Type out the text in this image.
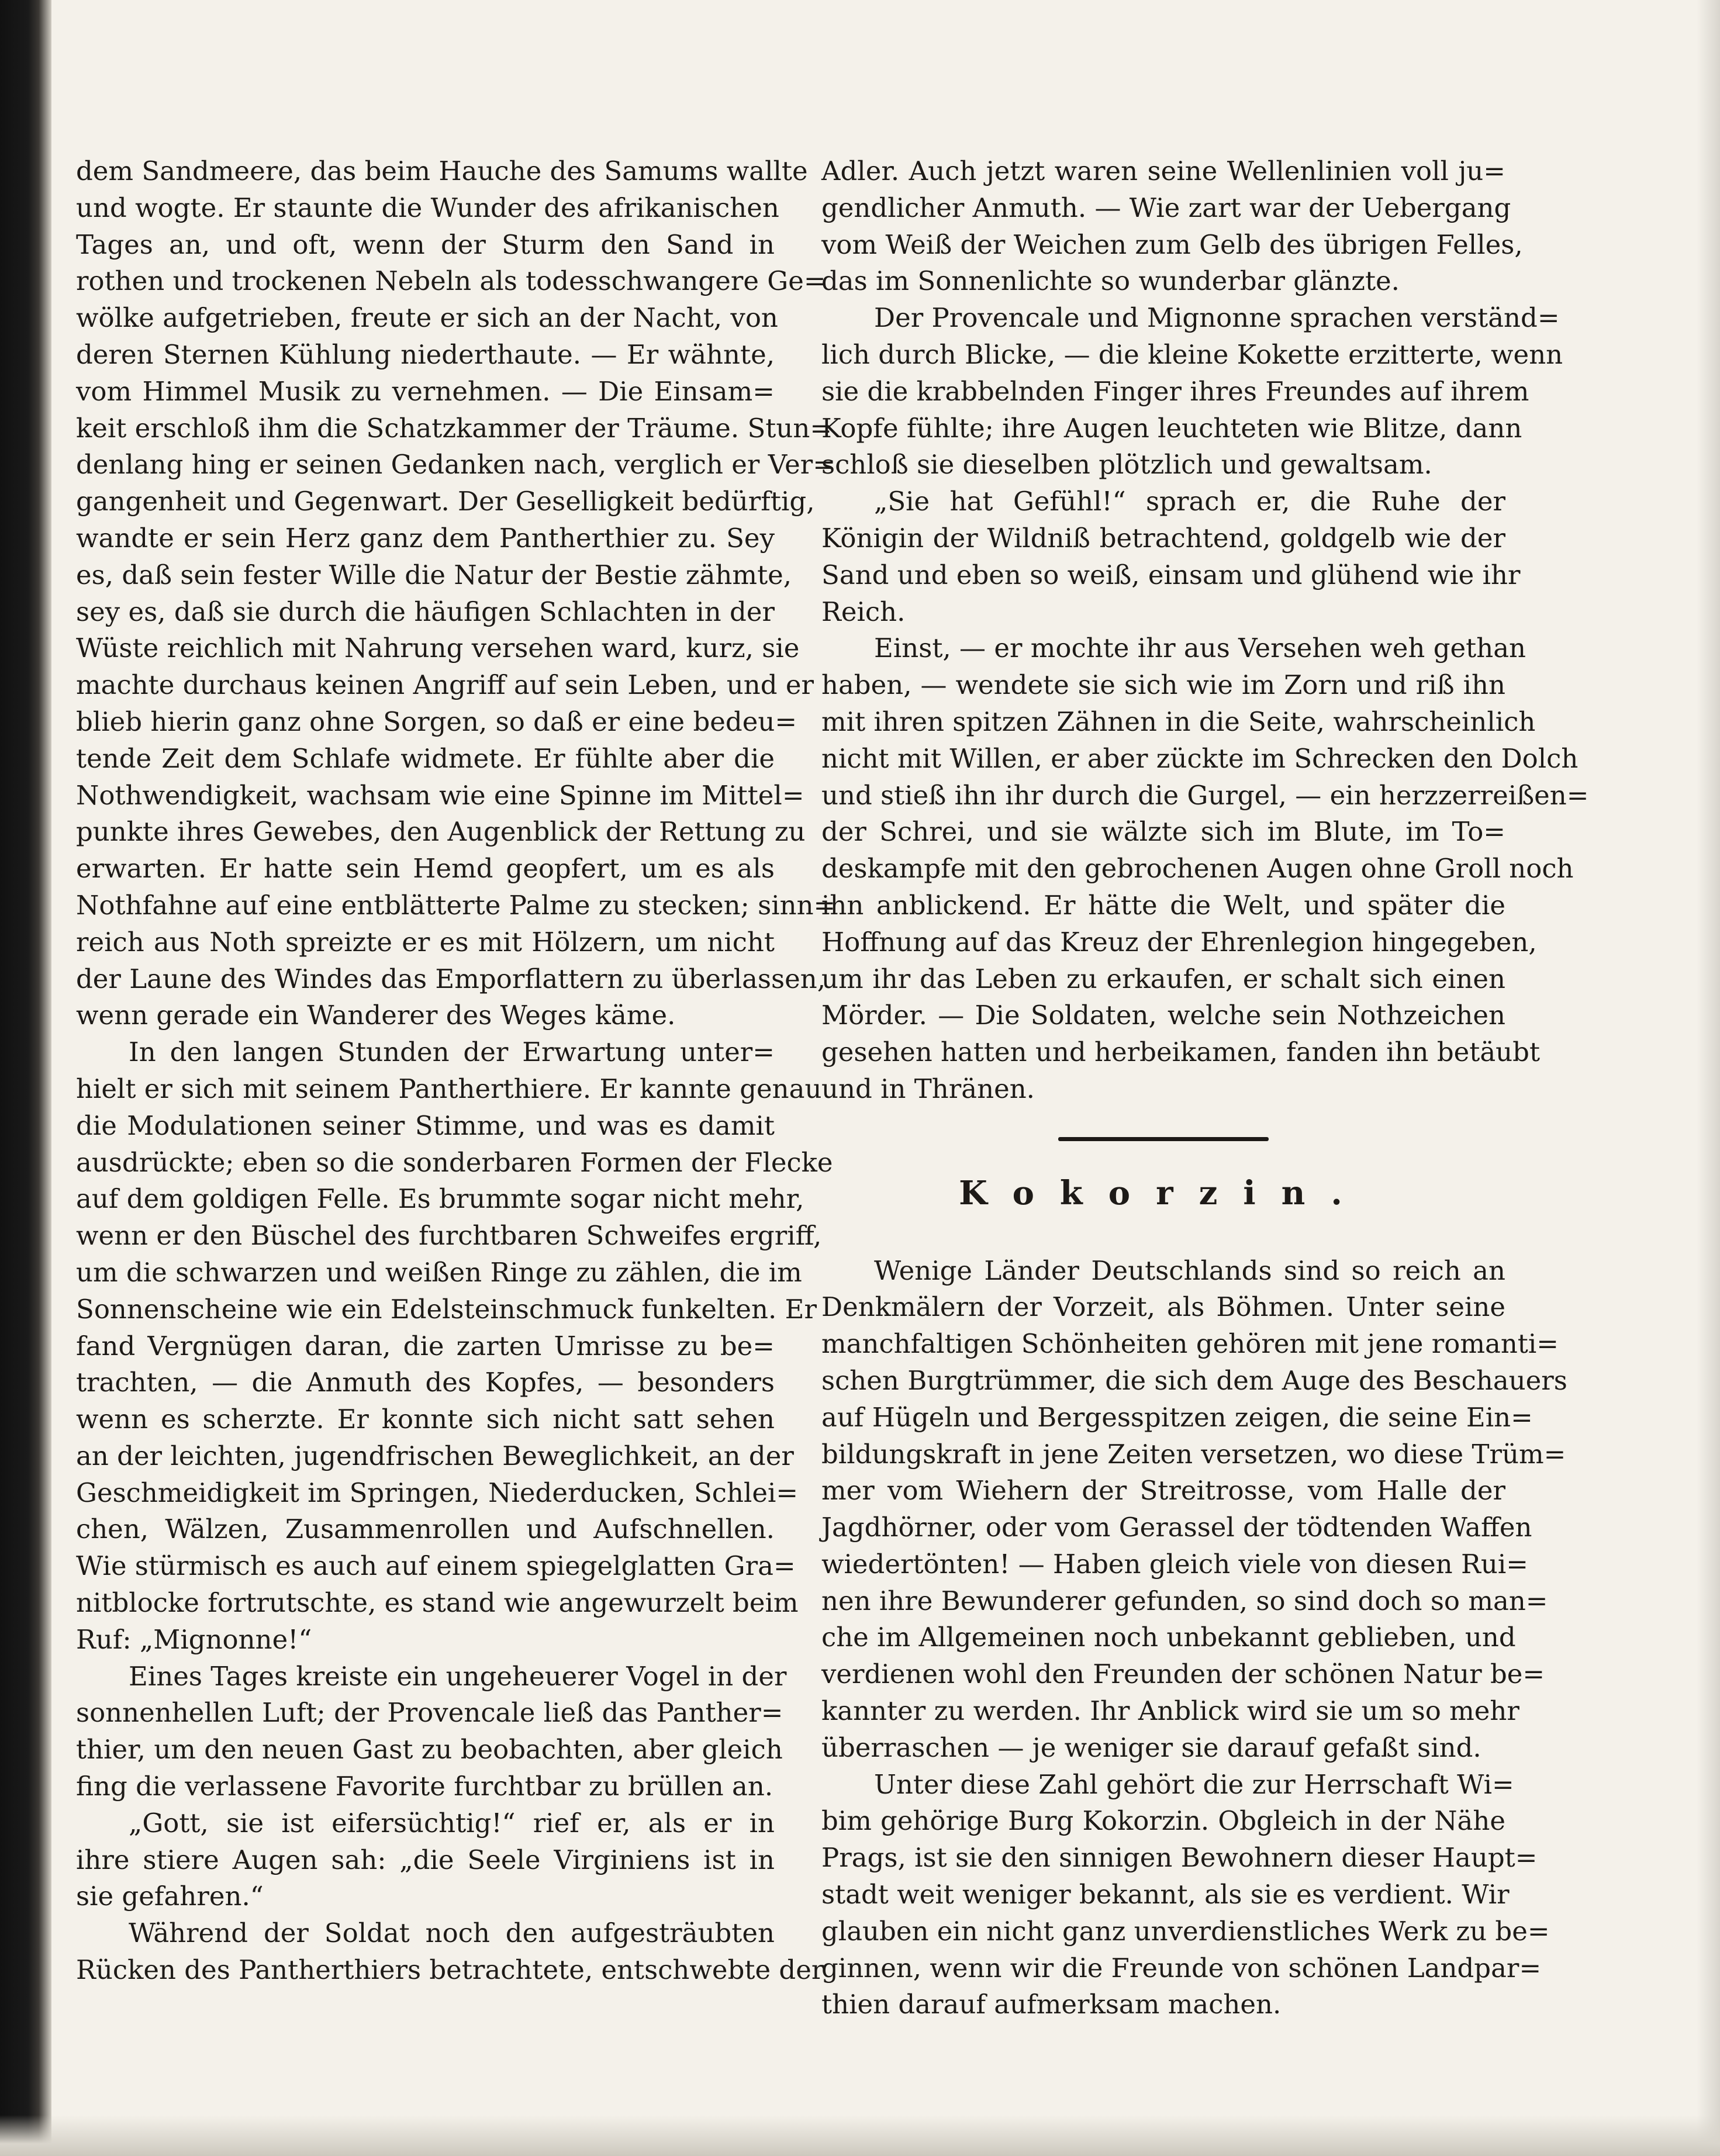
dem Sandmeere, das beim Hauche des Samums wallte
und wogte. Er staunte die Wunder des afrikanischen
Tages an, und oft, wenn der Sturm den Sand in
rothen und trockenen Nebeln als todesschwangere Ge=
wölke aufgetrieben, freute er sich an der Nacht, von
deren Sternen Kühlung niederthaute. — Er wähnte,
vom Himmel Musik zu vernehmen. — Die Einsam=
keit erschloß ihm die Schatzkammer der Träume. Stun=
denlang hing er seinen Gedanken nach, verglich er Ver=
gangenheit und Gegenwart. Der Geselligkeit bedürftig,
wandte er sein Herz ganz dem Pantherthier zu. Sey
es, daß sein fester Wille die Natur der Bestie zähmte,
sey es, daß sie durch die häufigen Schlachten in der
Wüste reichlich mit Nahrung versehen ward, kurz, sie
machte durchaus keinen Angriff auf sein Leben, und er
blieb hierin ganz ohne Sorgen, so daß er eine bedeu=
tende Zeit dem Schlafe widmete. Er fühlte aber die
Nothwendigkeit, wachsam wie eine Spinne im Mittel=
punkte ihres Gewebes, den Augenblick der Rettung zu
erwarten. Er hatte sein Hemd geopfert, um es als
Nothfahne auf eine entblätterte Palme zu stecken; sinn=
reich aus Noth spreizte er es mit Hölzern, um nicht
der Laune des Windes das Emporflattern zu überlassen,
wenn gerade ein Wanderer des Weges käme.
In den langen Stunden der Erwartung unter=
hielt er sich mit seinem Pantherthiere. Er kannte genau
die Modulationen seiner Stimme, und was es damit
ausdrückte; eben so die sonderbaren Formen der Flecke
auf dem goldigen Felle. Es brummte sogar nicht mehr,
wenn er den Büschel des furchtbaren Schweifes ergriff,
um die schwarzen und weißen Ringe zu zählen, die im
Sonnenscheine wie ein Edelsteinschmuck funkelten. Er
fand Vergnügen daran, die zarten Umrisse zu be=
trachten, — die Anmuth des Kopfes, — besonders
wenn es scherzte. Er konnte sich nicht satt sehen
an der leichten, jugendfrischen Beweglichkeit, an der
Geschmeidigkeit im Springen, Niederducken, Schlei=
chen, Wälzen, Zusammenrollen und Aufschnellen.
Wie stürmisch es auch auf einem spiegelglatten Gra=
nitblocke fortrutschte, es stand wie angewurzelt beim
Ruf: „Mignonne!“
Eines Tages kreiste ein ungeheuerer Vogel in der
sonnenhellen Luft; der Provencale ließ das Panther=
thier, um den neuen Gast zu beobachten, aber gleich
fing die verlassene Favorite furchtbar zu brüllen an.
„Gott, sie ist eifersüchtig!“ rief er, als er in
ihre stiere Augen sah: „die Seele Virginiens ist in
sie gefahren.“
Während der Soldat noch den aufgesträubten
Rücken des Pantherthiers betrachtete, entschwebte der
Adler. Auch jetzt waren seine Wellenlinien voll ju=
gendlicher Anmuth. — Wie zart war der Uebergang
vom Weiß der Weichen zum Gelb des übrigen Felles,
das im Sonnenlichte so wunderbar glänzte.
Der Provencale und Mignonne sprachen verständ=
lich durch Blicke, — die kleine Kokette erzitterte, wenn
sie die krabbelnden Finger ihres Freundes auf ihrem
Kopfe fühlte; ihre Augen leuchteten wie Blitze, dann
schloß sie dieselben plötzlich und gewaltsam.
„Sie hat Gefühl!“ sprach er, die Ruhe der
Königin der Wildniß betrachtend, goldgelb wie der
Sand und eben so weiß, einsam und glühend wie ihr
Reich.
Einst, — er mochte ihr aus Versehen weh gethan
haben, — wendete sie sich wie im Zorn und riß ihn
mit ihren spitzen Zähnen in die Seite, wahrscheinlich
nicht mit Willen, er aber zückte im Schrecken den Dolch
und stieß ihn ihr durch die Gurgel, — ein herzzerreißen=
der Schrei, und sie wälzte sich im Blute, im To=
deskampfe mit den gebrochenen Augen ohne Groll noch
ihn anblickend. Er hätte die Welt, und später die
Hoffnung auf das Kreuz der Ehrenlegion hingegeben,
um ihr das Leben zu erkaufen, er schalt sich einen
Mörder. — Die Soldaten, welche sein Nothzeichen
gesehen hatten und herbeikamen, fanden ihn betäubt
und in Thränen.
Kokorzin.
Wenige Länder Deutschlands sind so reich an
Denkmälern der Vorzeit, als Böhmen. Unter seine
manchfaltigen Schönheiten gehören mit jene romanti=
schen Burgtrümmer, die sich dem Auge des Beschauers
auf Hügeln und Bergesspitzen zeigen, die seine Ein=
bildungskraft in jene Zeiten versetzen, wo diese Trüm=
mer vom Wiehern der Streitrosse, vom Halle der
Jagdhörner, oder vom Gerassel der tödtenden Waffen
wiedertönten! — Haben gleich viele von diesen Rui=
nen ihre Bewunderer gefunden, so sind doch so man=
che im Allgemeinen noch unbekannt geblieben, und
verdienen wohl den Freunden der schönen Natur be=
kannter zu werden. Ihr Anblick wird sie um so mehr
überraschen — je weniger sie darauf gefaßt sind.
Unter diese Zahl gehört die zur Herrschaft Wi=
bim gehörige Burg Kokorzin. Obgleich in der Nähe
Prags, ist sie den sinnigen Bewohnern dieser Haupt=
stadt weit weniger bekannt, als sie es verdient. Wir
glauben ein nicht ganz unverdienstliches Werk zu be=
ginnen, wenn wir die Freunde von schönen Landpar=
thien darauf aufmerksam machen.
